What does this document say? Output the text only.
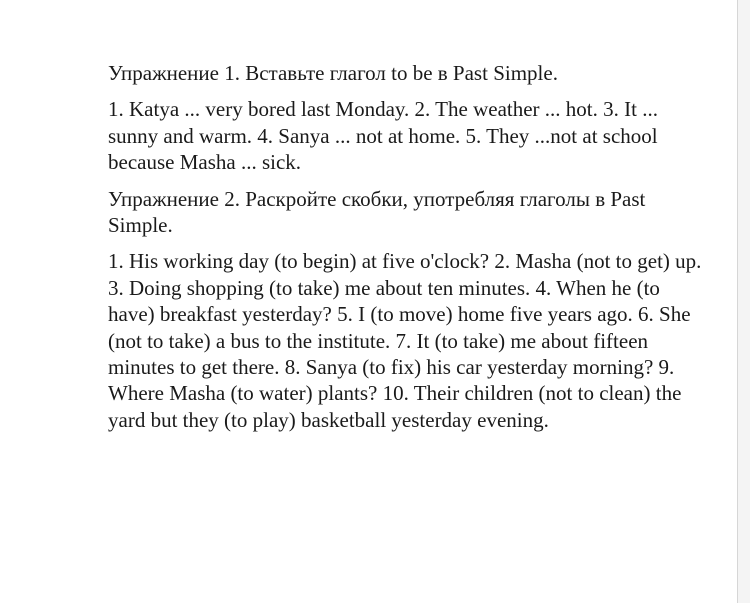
Упражнение 1. Вставьте глагол to be в Past Simple.

1. Katya ... very bored last Monday. 2. The weather ... hot. 3. It ... sunny and warm. 4. Sanya ... not at home. 5. They ...not at school because Masha ... sick.

Упражнение 2. Раскройте скобки, употребляя глаголы в Past Simple.

1. His working day (to begin) at five o'clock? 2. Masha (not to get) up. 3. Doing shopping (to take) me about ten minutes. 4. When he (to have) breakfast yesterday? 5. I (to move) home five years ago. 6. She (not to take) a bus to the institute. 7. It (to take) me about fifteen minutes to get there. 8. Sanya (to fix) his car yesterday morning? 9. Where Masha (to water) plants? 10. Their children (not to clean) the yard but they (to play) basketball yesterday evening.
